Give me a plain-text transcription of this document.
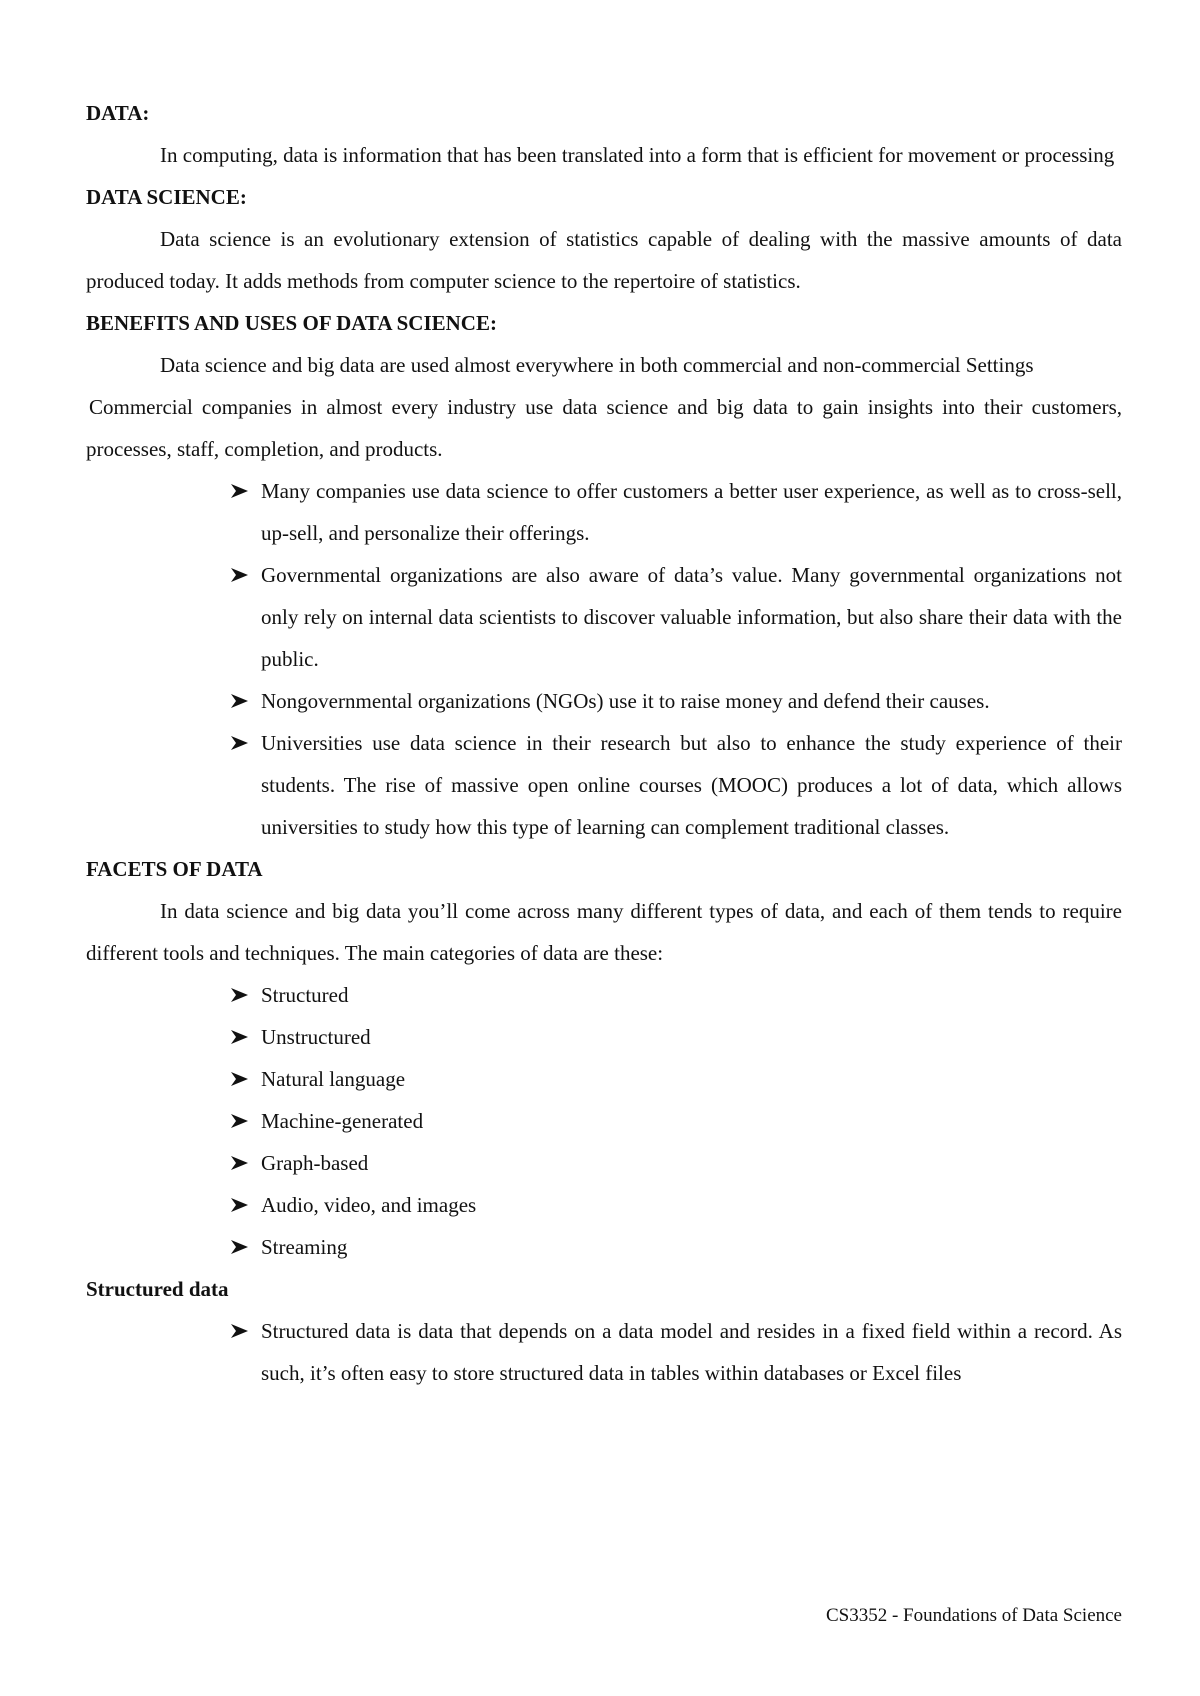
DATA:

In computing, data is information that has been translated into a form that is efficient for movement or processing

DATA SCIENCE:

Data science is an evolutionary extension of statistics capable of dealing with the massive amounts of data produced today. It adds methods from computer science to the repertoire of statistics.

BENEFITS AND USES OF DATA SCIENCE:

Data science and big data are used almost everywhere in both commercial and non-commercial Settings

Commercial companies in almost every industry use data science and big data to gain insights into their customers, processes, staff, completion, and products.

Many companies use data science to offer customers a better user experience, as well as to cross-sell, up-sell, and personalize their offerings.
Governmental organizations are also aware of data’s value. Many governmental organizations not only rely on internal data scientists to discover valuable information, but also share their data with the public.
Nongovernmental organizations (NGOs) use it to raise money and defend their causes.
Universities use data science in their research but also to enhance the study experience of their students. The rise of massive open online courses (MOOC) produces a lot of data, which allows universities to study how this type of learning can complement traditional classes.

FACETS OF DATA

In data science and big data you’ll come across many different types of data, and each of them tends to require different tools and techniques. The main categories of data are these:

Structured
Unstructured
Natural language
Machine-generated
Graph-based
Audio, video, and images
Streaming

Structured data

Structured data is data that depends on a data model and resides in a fixed field within a record. As such, it’s often easy to store structured data in tables within databases or Excel files
CS3352 - Foundations of Data Science
